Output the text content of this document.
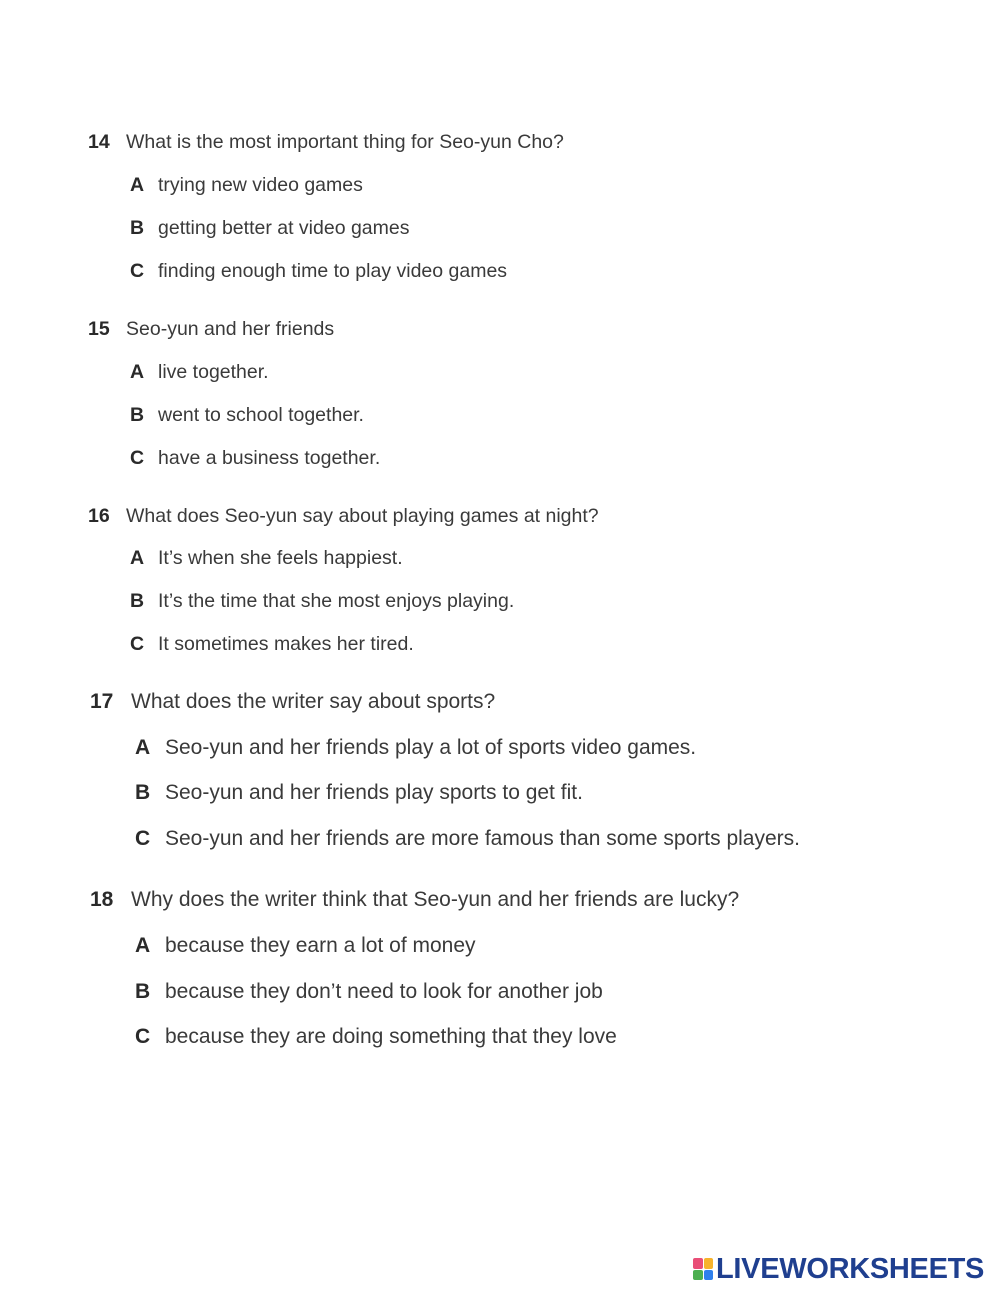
14 What is the most important thing for Seo-yun Cho?
A trying new video games
B getting better at video games
C finding enough time to play video games
15 Seo-yun and her friends
A live together.
B went to school together.
C have a business together.
16 What does Seo-yun say about playing games at night?
A It’s when she feels happiest.
B It’s the time that she most enjoys playing.
C It sometimes makes her tired.
17 What does the writer say about sports?
A Seo-yun and her friends play a lot of sports video games.
B Seo-yun and her friends play sports to get fit.
C Seo-yun and her friends are more famous than some sports players.
18 Why does the writer think that Seo-yun and her friends are lucky?
A because they earn a lot of money
B because they don’t need to look for another job
C because they are doing something that they love
LIVEWORKSHEETS
